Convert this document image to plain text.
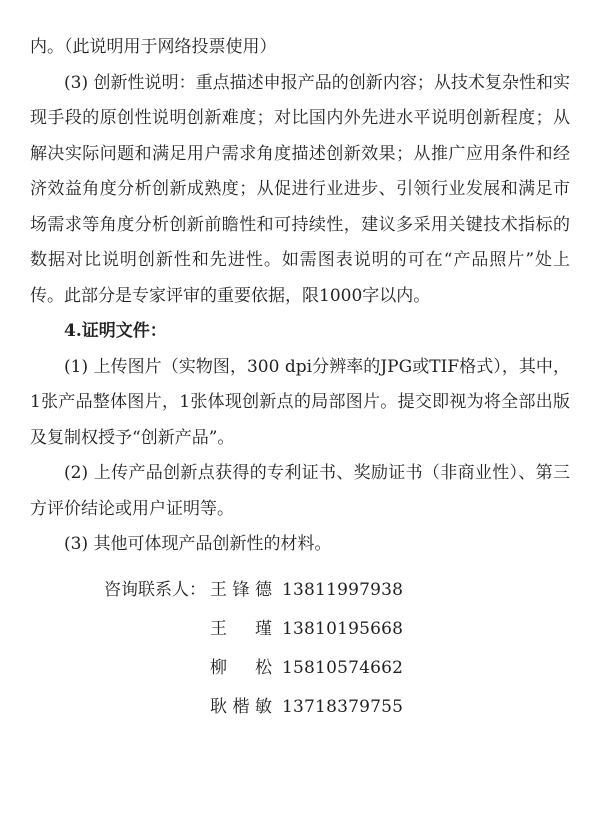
内。（此说明用于网络投票使用）

(3) 创新性说明：重点描述申报产品的创新内容；从技术复杂性和实现手段的原创性说明创新难度；对比国内外先进水平说明创新程度；从解决实际问题和满足用户需求角度描述创新效果；从推广应用条件和经济效益角度分析创新成熟度；从促进行业进步、引领行业发展和满足市场需求等角度分析创新前瞻性和可持续性，建议多采用关键技术指标的数据对比说明创新性和先进性。如需图表说明的可在“产品照片”处上传。此部分是专家评审的重要依据，限1000字以内。

4.证明文件：

(1) 上传图片（实物图，300 dpi分辨率的JPG或TIF格式），其中，1张产品整体图片，1张体现创新点的局部图片。提交即视为将全部出版及复制权授予“创新产品”。

(2) 上传产品创新点获得的专利证书、奖励证书（非商业性）、第三方评价结论或用户证明等。

(3) 其他可体现产品创新性的材料。

咨询联系人： 王锋德 13811997938
王瑾 13810195668
柳松 15810574662
耿楷敏 13718379755
